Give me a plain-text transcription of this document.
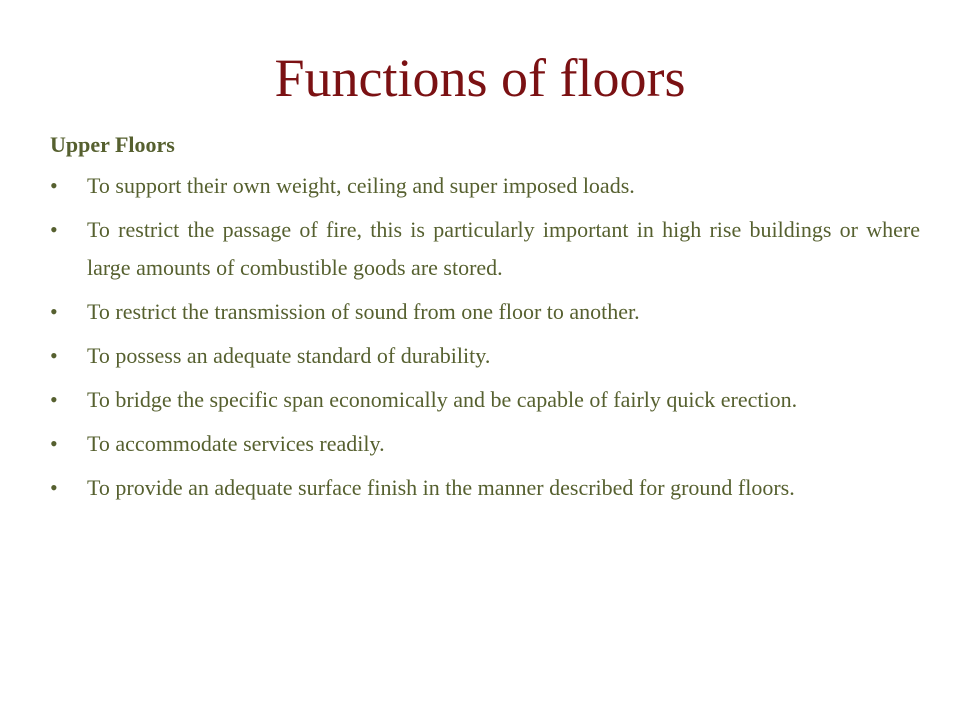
Functions of floors
Upper Floors
•	To support their own weight, ceiling and super imposed loads.
•	To restrict the passage of fire, this is particularly important in high rise buildings or where large amounts of combustible goods are stored.
•	To restrict the transmission of sound from one floor to another.
•	To possess an adequate standard of durability.
•	To bridge the specific span economically and be capable of fairly quick erection.
•	To accommodate services readily.
•	To provide an adequate surface finish in the manner described for ground floors.
